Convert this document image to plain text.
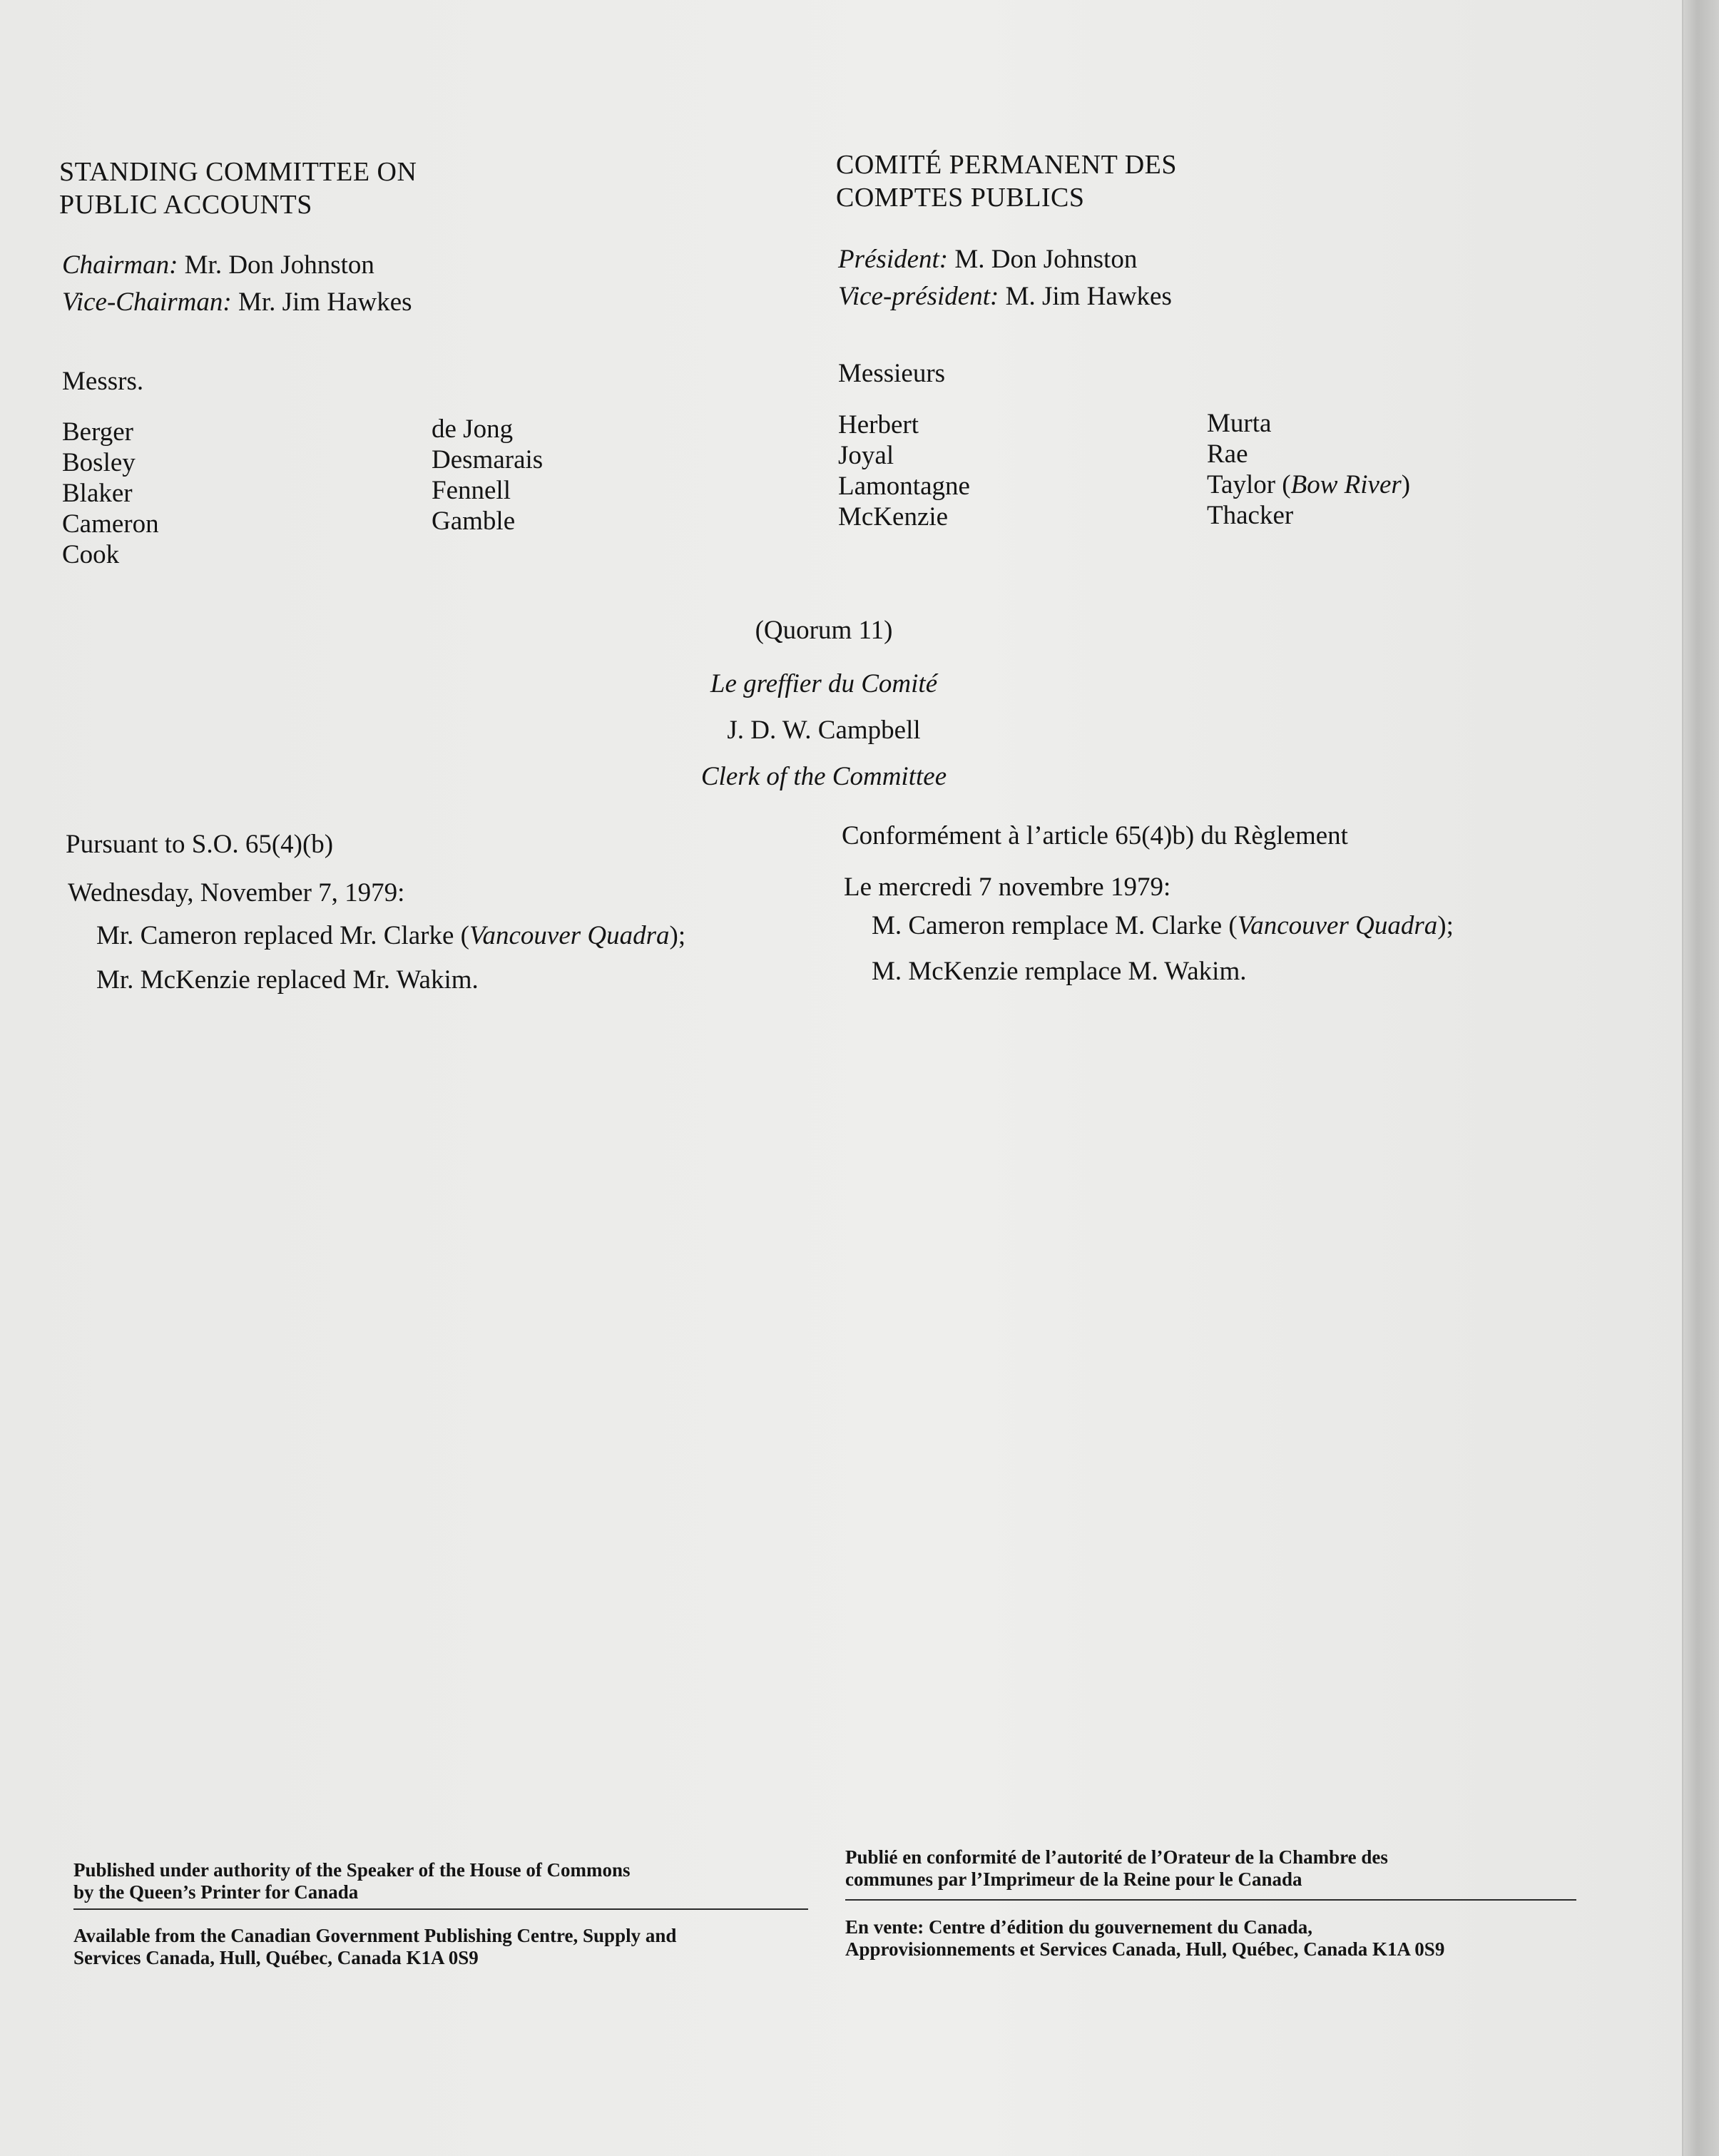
STANDING COMMITTEE ON
PUBLIC ACCOUNTS
Chairman: Mr. Don Johnston
Vice-Chairman: Mr. Jim Hawkes
Messrs.
Berger
Bosley
Blaker
Cameron
Cook
de Jong
Desmarais
Fennell
Gamble
COMITÉ PERMANENT DES
COMPTES PUBLICS
Président: M. Don Johnston
Vice-président: M. Jim Hawkes
Messieurs
Herbert
Joyal
Lamontagne
McKenzie
Murta
Rae
Taylor (Bow River)
Thacker
(Quorum 11)
Le greffier du Comité
J. D. W. Campbell
Clerk of the Committee
Pursuant to S.O. 65(4)(b)
Wednesday, November 7, 1979:
Mr. Cameron replaced Mr. Clarke (Vancouver Quadra);
Mr. McKenzie replaced Mr. Wakim.
Conformément à l’article 65(4)b) du Règlement
Le mercredi 7 novembre 1979:
M. Cameron remplace M. Clarke (Vancouver Quadra);
M. McKenzie remplace M. Wakim.
Published under authority of the Speaker of the House of Commons
by the Queen’s Printer for Canada
Available from the Canadian Government Publishing Centre, Supply and
Services Canada, Hull, Québec, Canada K1A 0S9
Publié en conformité de l’autorité de l’Orateur de la Chambre des
communes par l’Imprimeur de la Reine pour le Canada
En vente: Centre d’édition du gouvernement du Canada,
Approvisionnements et Services Canada, Hull, Québec, Canada K1A 0S9
